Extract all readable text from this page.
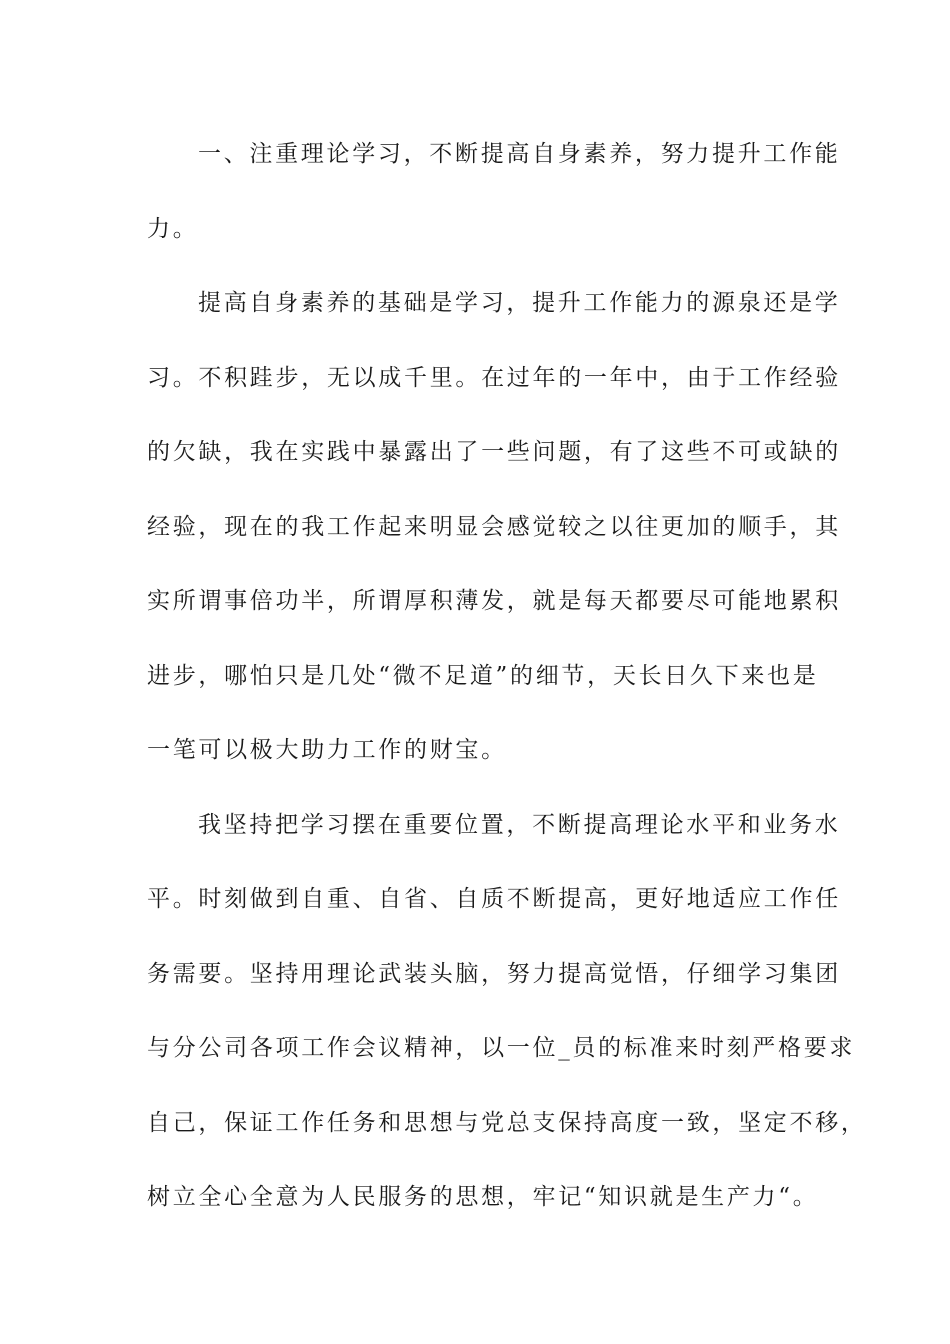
一、注重理论学习，不断提高自身素养，努力提升工作能
力。
提高自身素养的基础是学习，提升工作能力的源泉还是学
习。不积跬步，无以成千里。在过年的一年中，由于工作经验
的欠缺，我在实践中暴露出了一些问题，有了这些不可或缺的
经验，现在的我工作起来明显会感觉较之以往更加的顺手，其
实所谓事倍功半，所谓厚积薄发，就是每天都要尽可能地累积
进步，哪怕只是几处“微不足道”的细节，天长日久下来也是
一笔可以极大助力工作的财宝。
我坚持把学习摆在重要位置，不断提高理论水平和业务水
平。时刻做到自重、自省、自质不断提高，更好地适应工作任
务需要。坚持用理论武装头脑，努力提高觉悟，仔细学习集团
与分公司各项工作会议精神，以一位_员的标准来时刻严格要求
自己，保证工作任务和思想与党总支保持高度一致，坚定不移，
树立全心全意为人民服务的思想，牢记“知识就是生产力“。
